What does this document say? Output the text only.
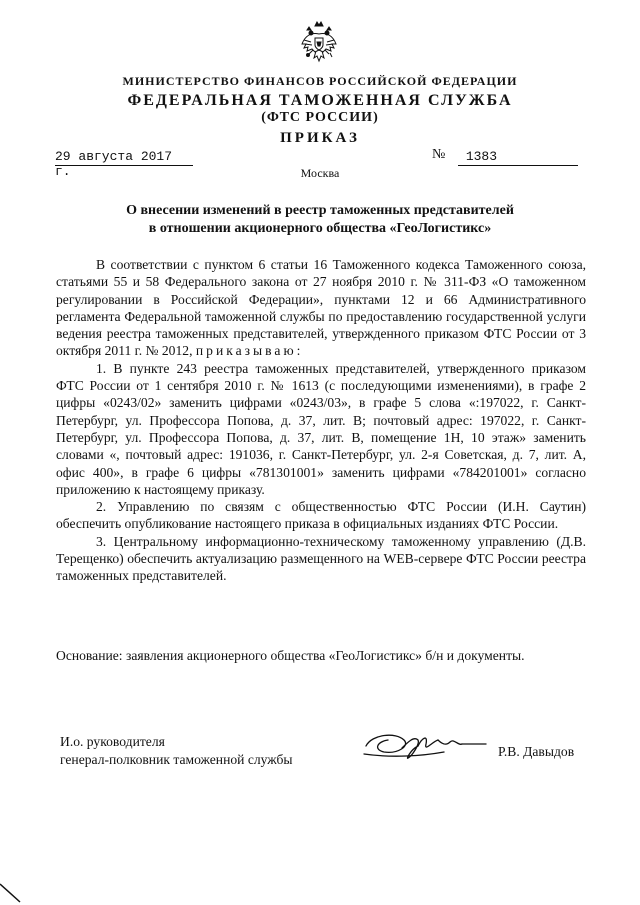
МИНИСТЕРСТВО ФИНАНСОВ РОССИЙСКОЙ ФЕДЕРАЦИИ
ФЕДЕРАЛЬНАЯ ТАМОЖЕННАЯ СЛУЖБА
(ФТС РОССИИ)
ПРИКАЗ
29 августа 2017 г.
№	1383
Москва
О внесении изменений в реестр таможенных представителей
в отношении акционерного общества «ГеоЛогистикс»

В соответствии с пунктом 6 статьи 16 Таможенного кодекса Таможенного союза, статьями 55 и 58 Федерального закона от 27 ноября 2010 г. № 311-ФЗ «О таможенном регулировании в Российской Федерации», пунктами 12 и 66 Административного регламента Федеральной таможенной службы по предоставлению государственной услуги ведения реестра таможенных представителей, утвержденного приказом ФТС России от 3 октября 2011 г. № 2012, приказываю:

1. В пункте 243 реестра таможенных представителей, утвержденного приказом ФТС России от 1 сентября 2010 г. № 1613 (с последующими изменениями), в графе 2 цифры «0243/02» заменить цифрами «0243/03», в графе 5 слова «:197022, г. Санкт-Петербург, ул. Профессора Попова, д. 37, лит. В; почтовый адрес: 197022, г. Санкт-Петербург, ул. Профессора Попова, д. 37, лит. В, помещение 1Н, 10 этаж» заменить словами «, почтовый адрес: 191036, г. Санкт-Петербург, ул. 2-я Советская, д. 7, лит. А, офис 400», в графе 6 цифры «781301001» заменить цифрами «784201001» согласно приложению к настоящему приказу.

2. Управлению по связям с общественностью ФТС России (И.Н. Саутин) обеспечить опубликование настоящего приказа в официальных изданиях ФТС России.

3. Центральному информационно-техническому таможенному управлению (Д.В. Терещенко) обеспечить актуализацию размещенного на WEB-сервере ФТС России реестра таможенных представителей.

Основание: заявления акционерного общества «ГеоЛогистикс» б/н и документы.
И.о. руководителя
генерал-полковник таможенной службы
Р.В. Давыдов
